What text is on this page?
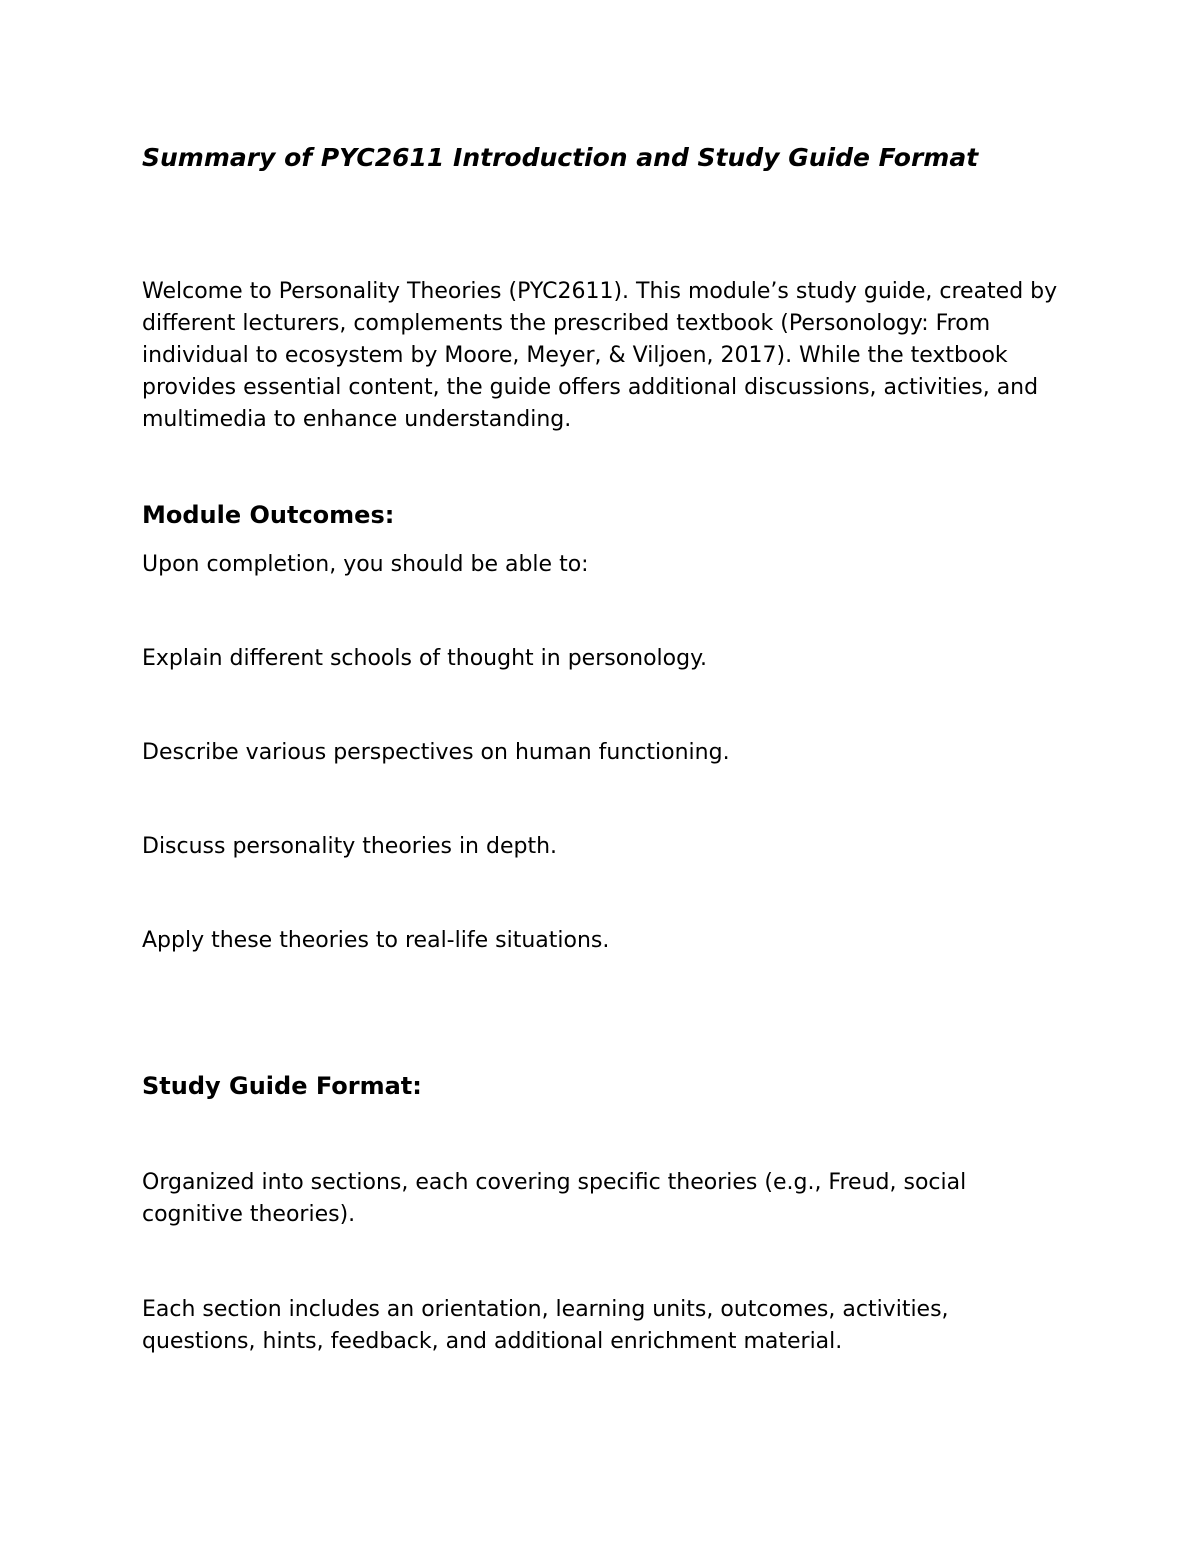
Summary of PYC2611 Introduction and Study Guide Format

Welcome to Personality Theories (PYC2611). This module’s study guide, created by different lecturers, complements the prescribed textbook (Personology: From individual to ecosystem by Moore, Meyer, & Viljoen, 2017). While the textbook provides essential content, the guide offers additional discussions, activities, and multimedia to enhance understanding.

Module Outcomes:

Upon completion, you should be able to:

Explain different schools of thought in personology.

Describe various perspectives on human functioning.

Discuss personality theories in depth.

Apply these theories to real-life situations.

Study Guide Format:

Organized into sections, each covering specific theories (e.g., Freud, social cognitive theories).

Each section includes an orientation, learning units, outcomes, activities, questions, hints, feedback, and additional enrichment material.
